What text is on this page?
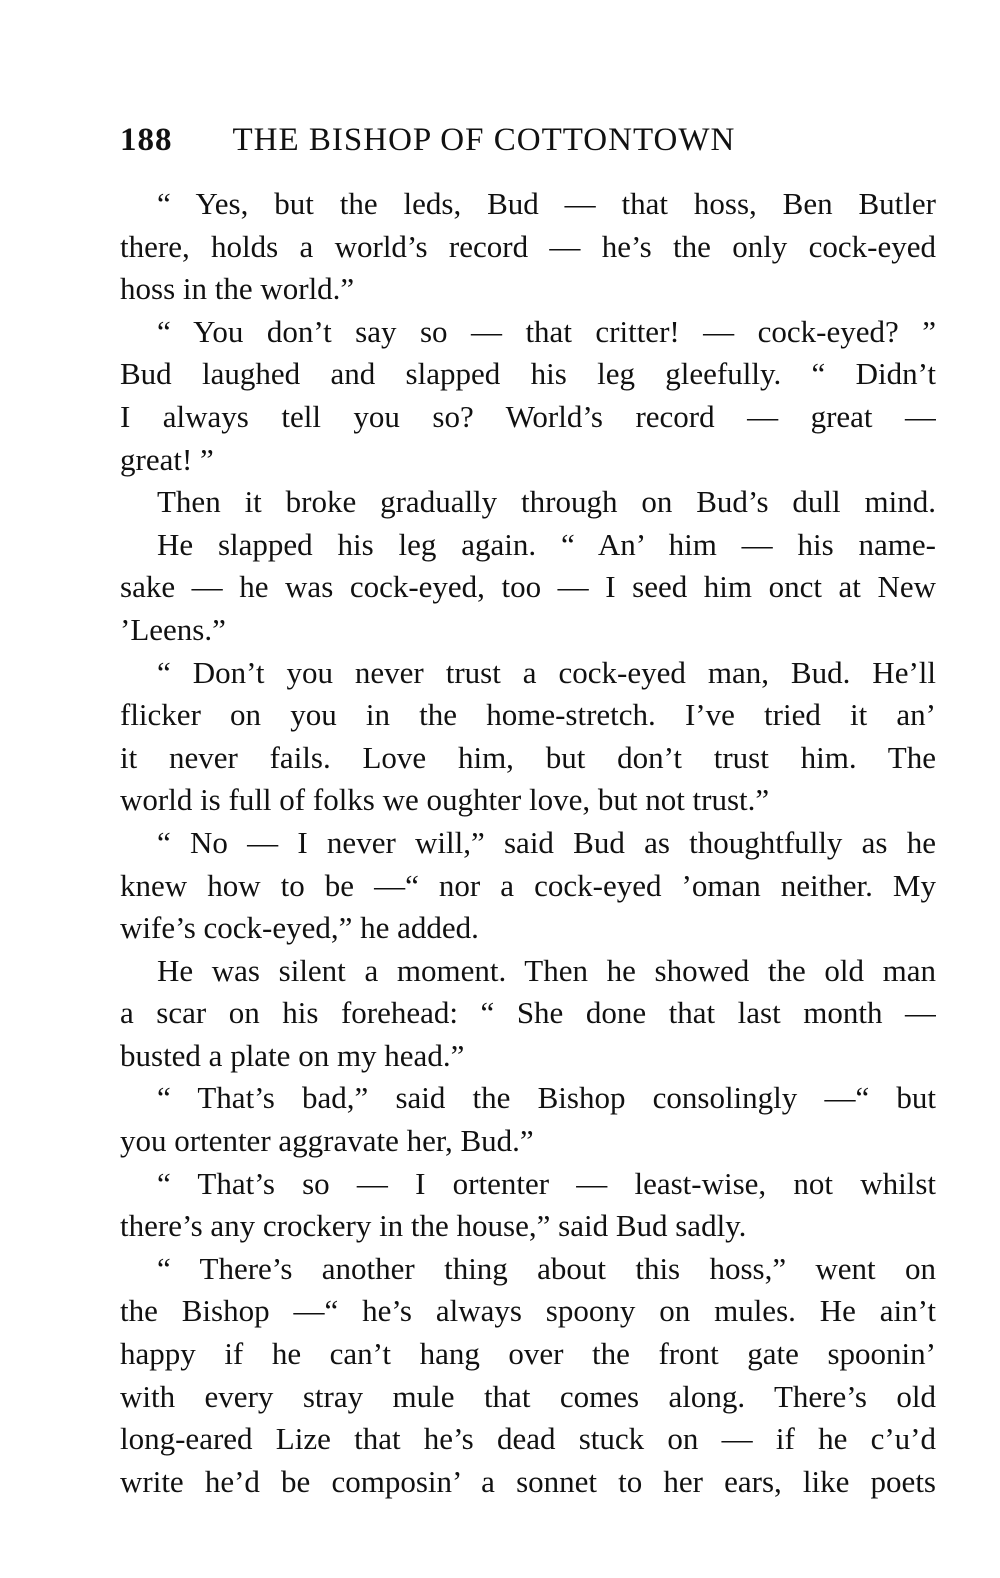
188 THE BISHOP OF COTTONTOWN
“ Yes, but the leds, Bud — that hoss, Ben Butler
there, holds a world’s record — he’s the only cock-eyed
hoss in the world.”
“ You don’t say so — that critter! — cock-eyed? ”
Bud laughed and slapped his leg gleefully. “ Didn’t
I always tell you so? World’s record — great —
great! ”
Then it broke gradually through on Bud’s dull mind.
He slapped his leg again. “ An’ him — his name-
sake — he was cock-eyed, too — I seed him onct at New
’Leens.”
“ Don’t you never trust a cock-eyed man, Bud. He’ll
flicker on you in the home-stretch. I’ve tried it an’
it never fails. Love him, but don’t trust him. The
world is full of folks we oughter love, but not trust.”
“ No — I never will,” said Bud as thoughtfully as he
knew how to be —“ nor a cock-eyed ’oman neither. My
wife’s cock-eyed,” he added.
He was silent a moment. Then he showed the old man
a scar on his forehead: “ She done that last month —
busted a plate on my head.”
“ That’s bad,” said the Bishop consolingly —“ but
you ortenter aggravate her, Bud.”
“ That’s so — I ortenter — least-wise, not whilst
there’s any crockery in the house,” said Bud sadly.
“ There’s another thing about this hoss,” went on
the Bishop —“ he’s always spoony on mules. He ain’t
happy if he can’t hang over the front gate spoonin’
with every stray mule that comes along. There’s old
long-eared Lize that he’s dead stuck on — if he c’u’d
write he’d be composin’ a sonnet to her ears, like poets
